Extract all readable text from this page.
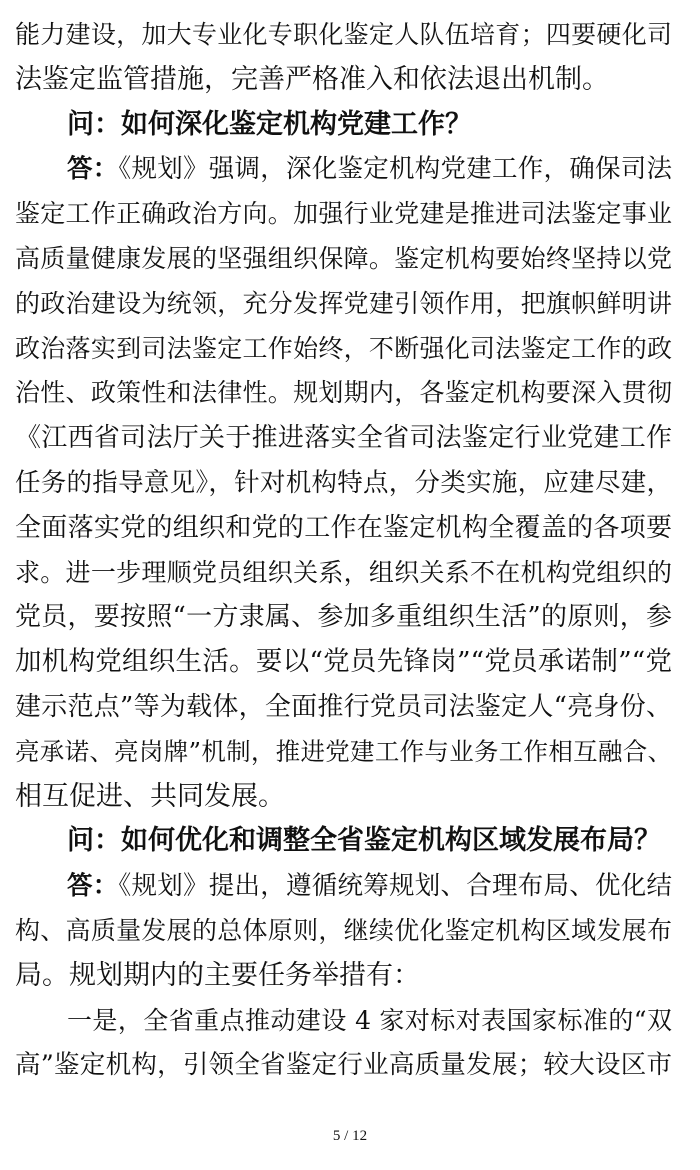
能力建设，加大专业化专职化鉴定人队伍培育；四要硬化司
法鉴定监管措施，完善严格准入和依法退出机制。
问：如何深化鉴定机构党建工作？
答：《规划》强调，深化鉴定机构党建工作，确保司法
鉴定工作正确政治方向。加强行业党建是推进司法鉴定事业
高质量健康发展的坚强组织保障。鉴定机构要始终坚持以党
的政治建设为统领，充分发挥党建引领作用，把旗帜鲜明讲
政治落实到司法鉴定工作始终，不断强化司法鉴定工作的政
治性、政策性和法律性。规划期内，各鉴定机构要深入贯彻
《江西省司法厅关于推进落实全省司法鉴定行业党建工作
任务的指导意见》，针对机构特点，分类实施，应建尽建，
全面落实党的组织和党的工作在鉴定机构全覆盖的各项要
求。进一步理顺党员组织关系，组织关系不在机构党组织的
党员，要按照“一方隶属、参加多重组织生活”的原则，参
加机构党组织生活。要以“党员先锋岗”“党员承诺制”“党
建示范点”等为载体，全面推行党员司法鉴定人“亮身份、
亮承诺、亮岗牌”机制，推进党建工作与业务工作相互融合、
相互促进、共同发展。
问：如何优化和调整全省鉴定机构区域发展布局？
答：《规划》提出，遵循统筹规划、合理布局、优化结
构、高质量发展的总体原则，继续优化鉴定机构区域发展布
局。规划期内的主要任务举措有：
一是，全省重点推动建设 4 家对标对表国家标准的“双
高”鉴定机构，引领全省鉴定行业高质量发展；较大设区市
5 / 12
